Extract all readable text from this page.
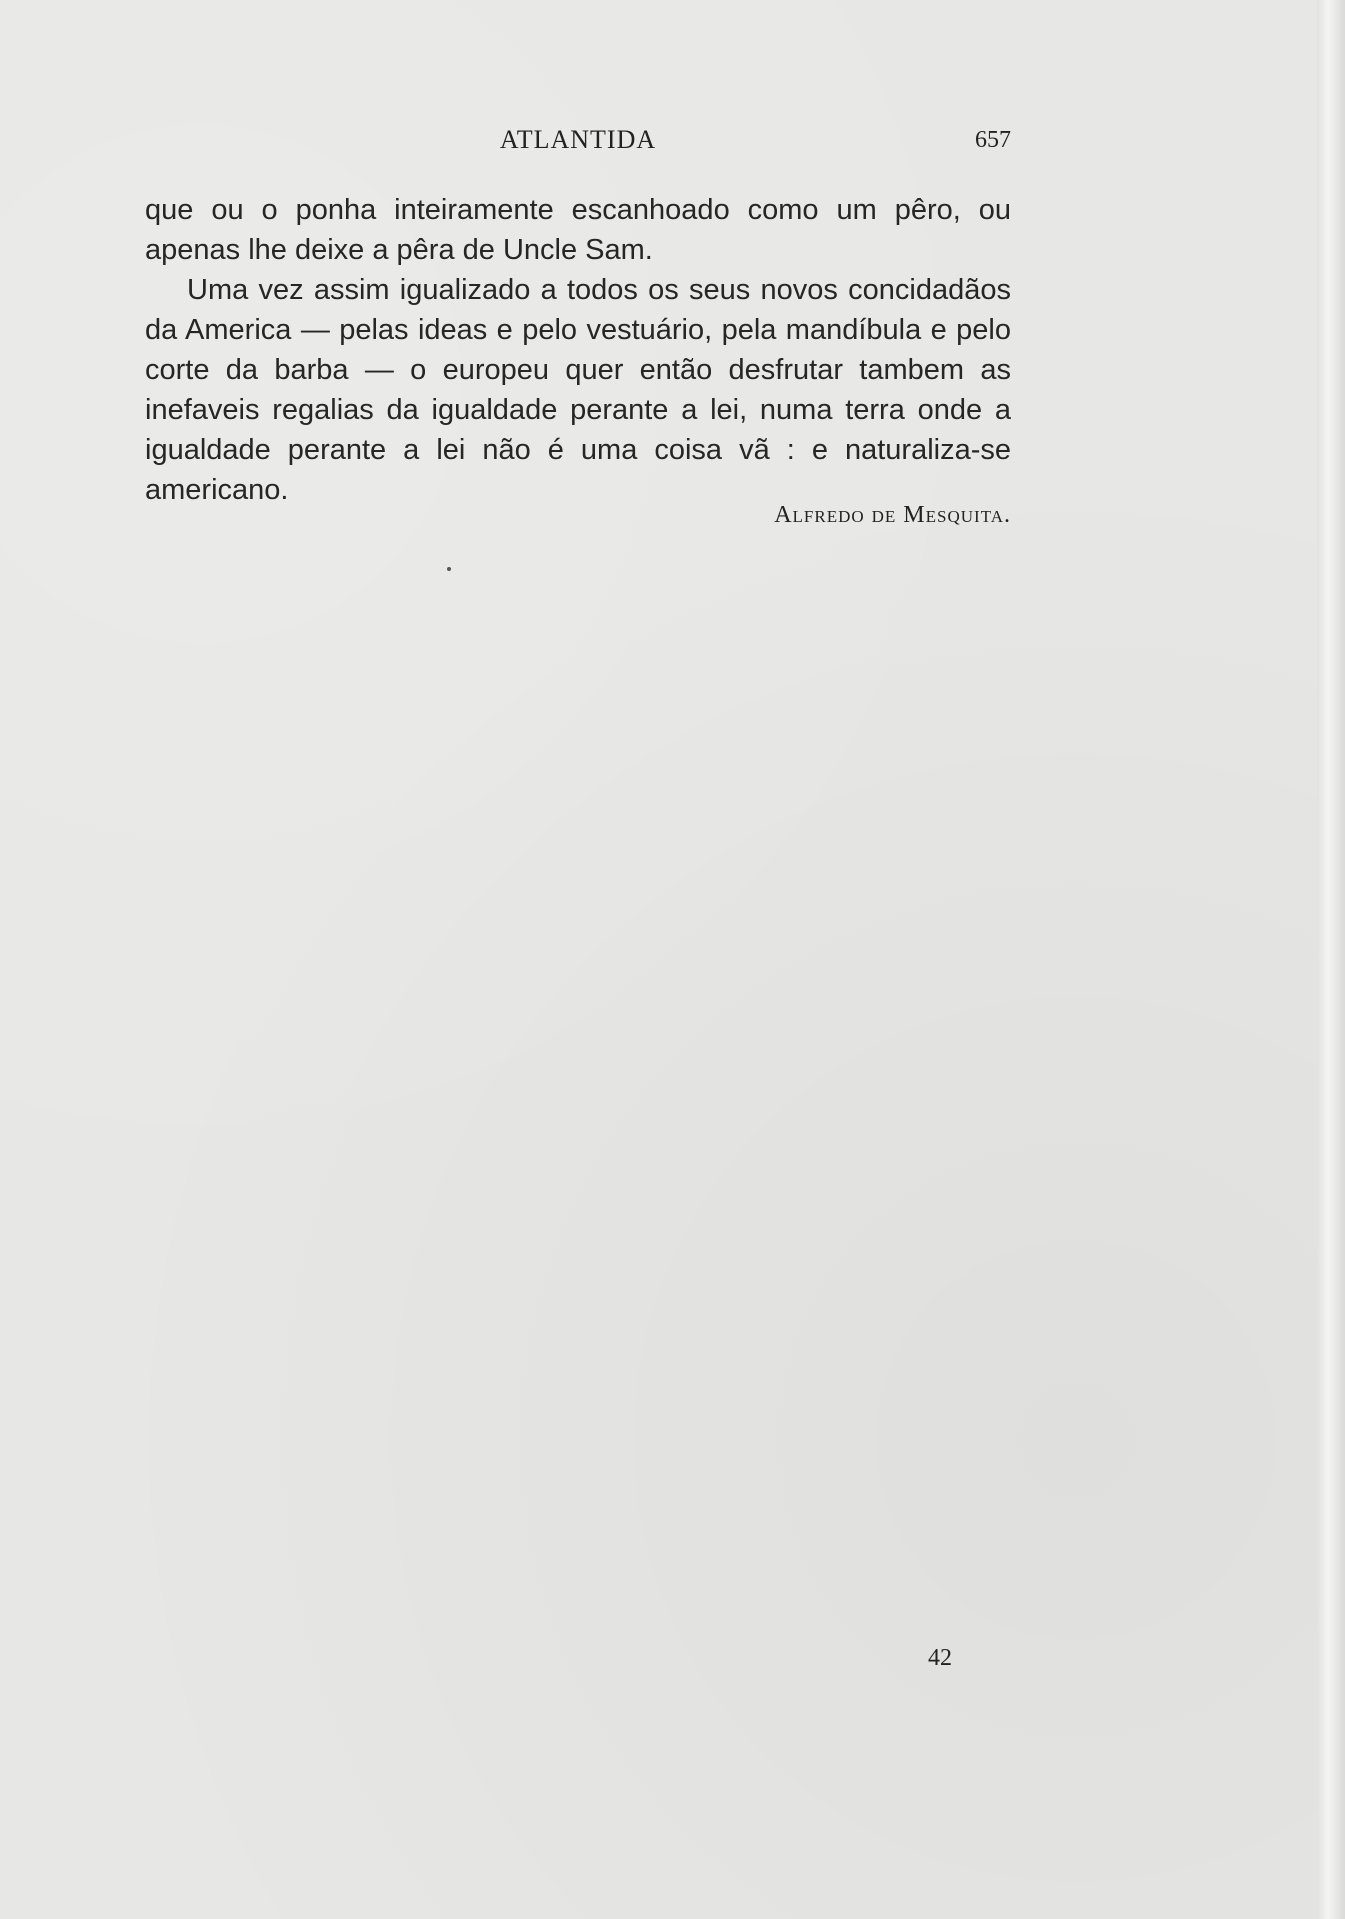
ATLANTIDA	657

que ou o ponha inteiramente escanhoado como um pêro, ou apenas lhe deixe a pêra de Uncle Sam.

Uma vez assim igualizado a todos os seus novos concidadãos da America — pelas ideas e pelo vestuário, pela mandíbula e pelo corte da barba — o europeu quer então desfrutar tambem as inefaveis regalias da igualdade perante a lei, numa terra onde a igualdade perante a lei não é uma coisa vã : e naturaliza-se americano.

Alfredo de Mesquita.
42
